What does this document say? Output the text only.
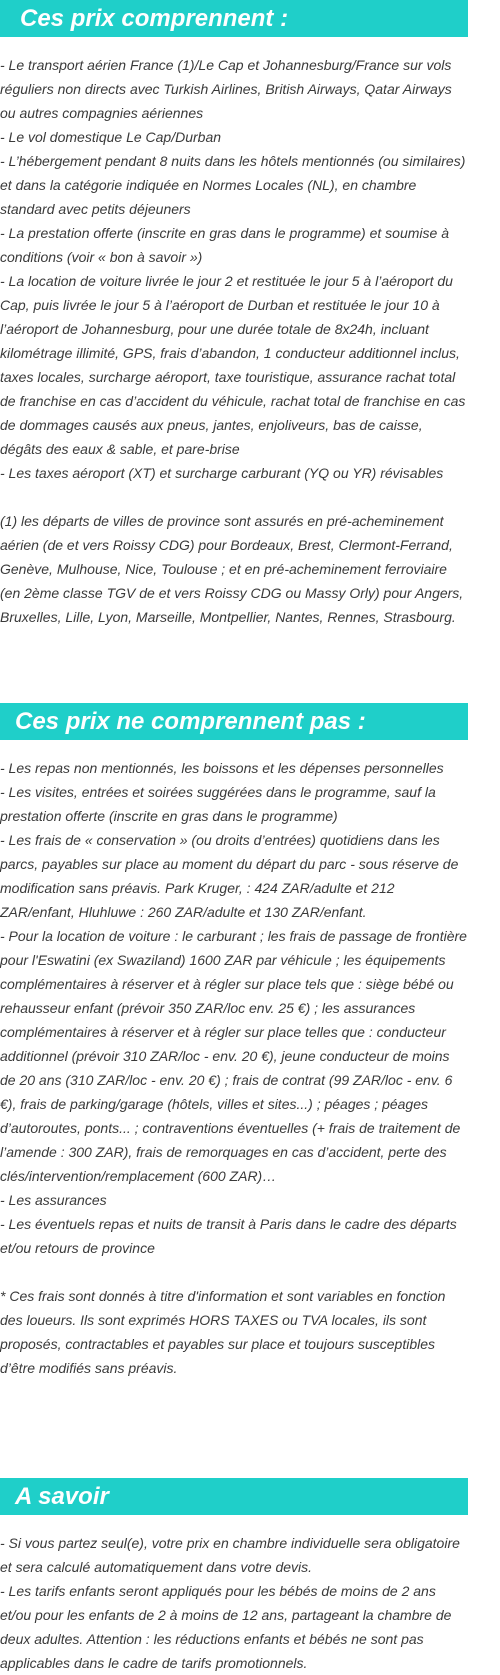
Ces prix comprennent :

- Le transport aérien France (1)/Le Cap et Johannesburg/France sur vols réguliers non directs avec Turkish Airlines, British Airways, Qatar Airways ou autres compagnies aériennes

- Le vol domestique Le Cap/Durban

- L’hébergement pendant 8 nuits dans les hôtels mentionnés (ou similaires) et dans la catégorie indiquée en Normes Locales (NL), en chambre standard avec petits déjeuners

- La prestation offerte (inscrite en gras dans le programme) et soumise à conditions (voir « bon à savoir »)

- La location de voiture livrée le jour 2 et restituée le jour 5 à l’aéroport du Cap, puis livrée le jour 5 à l’aéroport de Durban et restituée le jour 10 à l’aéroport de Johannesburg, pour une durée totale de 8x24h, incluant kilométrage illimité, GPS, frais d’abandon, 1 conducteur additionnel inclus, taxes locales, surcharge aéroport, taxe touristique, assurance rachat total de franchise en cas d’accident du véhicule, rachat total de franchise en cas de dommages causés aux pneus, jantes, enjoliveurs, bas de caisse, dégâts des eaux & sable, et pare-brise

- Les taxes aéroport (XT) et surcharge carburant (YQ ou YR) révisables

(1) les départs de villes de province sont assurés en pré-acheminement aérien (de et vers Roissy CDG) pour Bordeaux, Brest, Clermont-Ferrand, Genève, Mulhouse, Nice, Toulouse ; et en pré-acheminement ferroviaire (en 2ème classe TGV de et vers Roissy CDG ou Massy Orly) pour Angers, Bruxelles, Lille, Lyon, Marseille, Montpellier, Nantes, Rennes, Strasbourg.

Ces prix ne comprennent pas :

- Les repas non mentionnés, les boissons et les dépenses personnelles

- Les visites, entrées et soirées suggérées dans le programme, sauf la prestation offerte (inscrite en gras dans le programme)

- Les frais de « conservation » (ou droits d’entrées) quotidiens dans les parcs, payables sur place au moment du départ du parc - sous réserve de modification sans préavis. Park Kruger, : 424 ZAR/adulte et 212 ZAR/enfant, Hluhluwe : 260 ZAR/adulte et 130 ZAR/enfant.

- Pour la location de voiture : le carburant ; les frais de passage de frontière pour l'Eswatini (ex Swaziland) 1600 ZAR par véhicule ; les équipements complémentaires à réserver et à régler sur place tels que : siège bébé ou rehausseur enfant (prévoir 350 ZAR/loc env. 25 €) ; les assurances complémentaires à réserver et à régler sur place telles que : conducteur additionnel (prévoir 310 ZAR/loc - env. 20 €), jeune conducteur de moins de 20 ans (310 ZAR/loc - env. 20 €) ; frais de contrat (99 ZAR/loc - env. 6 €), frais de parking/garage (hôtels, villes et sites...) ; péages ; péages d’autoroutes, ponts... ; contraventions éventuelles (+ frais de traitement de l’amende : 300 ZAR), frais de remorquages en cas d’accident, perte des clés/intervention/remplacement (600 ZAR)…

- Les assurances

- Les éventuels repas et nuits de transit à Paris dans le cadre des départs et/ou retours de province

* Ces frais sont donnés à titre d'information et sont variables en fonction des loueurs. Ils sont exprimés HORS TAXES ou TVA locales, ils sont proposés, contractables et payables sur place et toujours susceptibles d’être modifiés sans préavis.

A savoir

- Si vous partez seul(e), votre prix en chambre individuelle sera obligatoire et sera calculé automatiquement dans votre devis.

- Les tarifs enfants seront appliqués pour les bébés de moins de 2 ans et/ou pour les enfants de 2 à moins de 12 ans, partageant la chambre de deux adultes. Attention : les réductions enfants et bébés ne sont pas applicables dans le cadre de tarifs promotionnels.
